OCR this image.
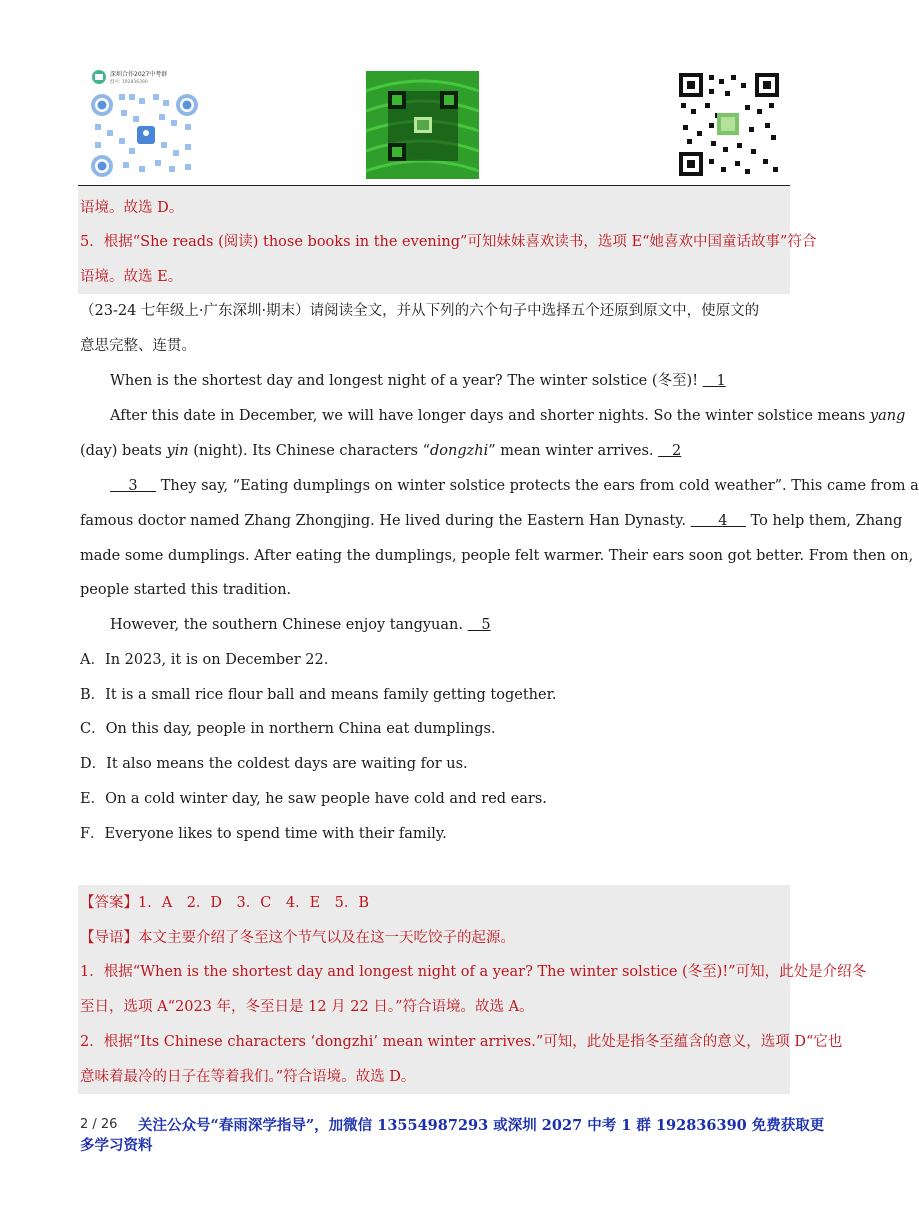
深圳合作2027中考群
群号: 192836390
语境。故选 D。
5．根据“She reads (阅读) those books in the evening”可知妹妹喜欢读书，选项 E“她喜欢中国童话故事”符合
语境。故选 E。
（23-24 七年级上·广东深圳·期末）请阅读全文，并从下列的六个句子中选择五个还原到原文中，使原文的
意思完整、连贯。
When is the shortest day and longest night of a year? The winter solstice (冬至)!    1
After this date in December, we will have longer days and shorter nights. So the winter solstice means yang
(day) beats yin (night). Its Chinese characters “dongzhi” mean winter arrives.    2
3     They say, “Eating dumplings on winter solstice protects the ears from cold weather”. This came from a
famous doctor named Zhang Zhongjing. He lived during the Eastern Han Dynasty.       4     To help them, Zhang
made some dumplings. After eating the dumplings, people felt warmer. Their ears soon got better. From then on,
people started this tradition.
However, the southern Chinese enjoy tangyuan.    5
A．In 2023, it is on December 22.
B．It is a small rice flour ball and means family getting together.
C．On this day, people in northern China eat dumplings.
D．It also means the coldest days are waiting for us.
E．On a cold winter day, he saw people have cold and red ears.
F．Everyone likes to spend time with their family.
【答案】1．A　2．D　3．C　4．E　5．B
【导语】本文主要介绍了冬至这个节气以及在这一天吃饺子的起源。
1．根据“When is the shortest day and longest night of a year? The winter solstice (冬至)!”可知，此处是介绍冬
至日，选项 A“2023 年，冬至日是 12 月 22 日。”符合语境。故选 A。
2．根据“Its Chinese characters ‘dongzhi’ mean winter arrives.”可知，此处是指冬至蕴含的意义，选项 D“它也
意味着最冷的日子在等着我们。”符合语境。故选 D。
2 / 26 关注公众号“春雨深学指导”，加微信 13554987293 或深圳 2027 中考 1 群 192836390 免费获取更
多学习资料
